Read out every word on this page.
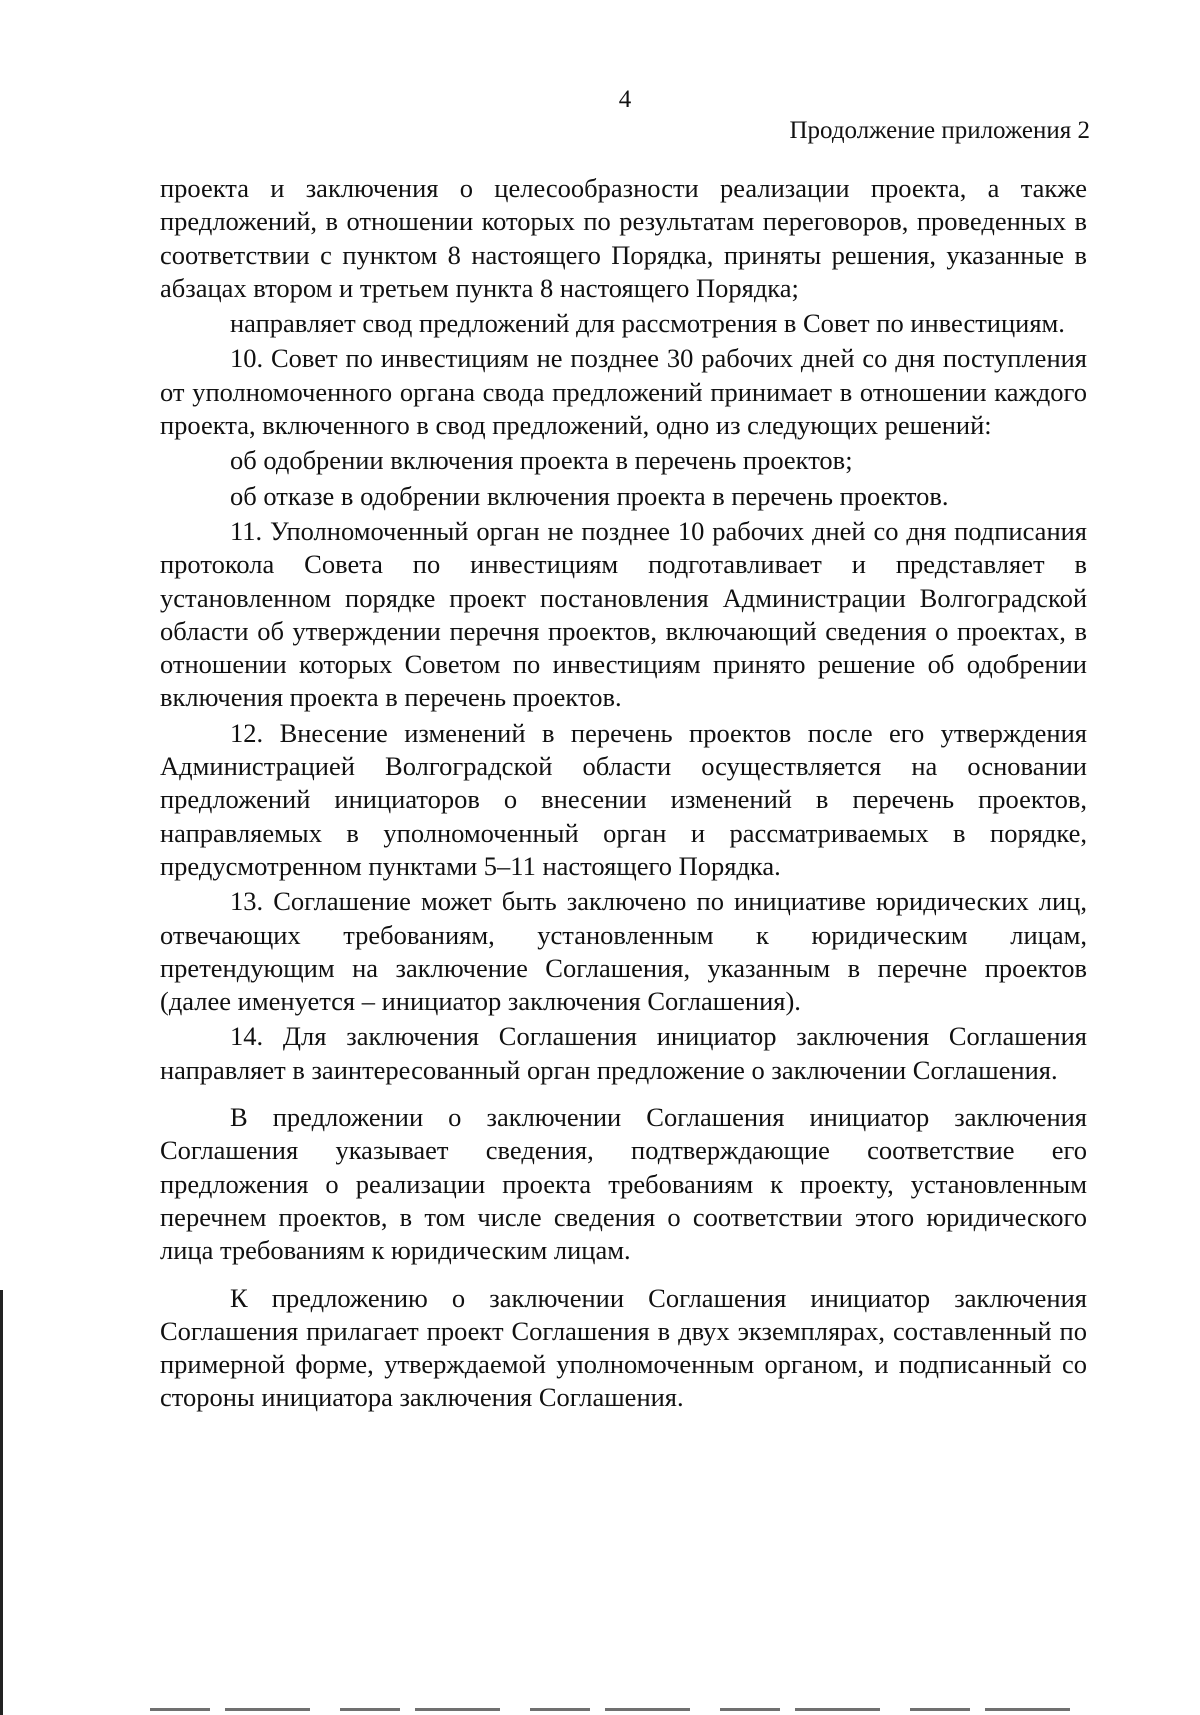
4
Продолжение приложения 2

проекта и заключения о целесообразности реализации проекта, а также предложений, в отношении которых по результатам переговоров, проведенных в соответствии с пунктом 8 настоящего Порядка, приняты решения, указанные в абзацах втором и третьем пункта 8 настоящего Порядка;

направляет свод предложений для рассмотрения в Совет по инвестициям.

10. Совет по инвестициям не позднее 30 рабочих дней со дня поступления от уполномоченного органа свода предложений принимает в отношении каждого проекта, включенного в свод предложений, одно из следующих решений:

об одобрении включения проекта в перечень проектов;

об отказе в одобрении включения проекта в перечень проектов.

11. Уполномоченный орган не позднее 10 рабочих дней со дня подписания протокола Совета по инвестициям подготавливает и представляет в установленном порядке проект постановления Администрации Волгоградской области об утверждении перечня проектов, включающий сведения о проектах, в отношении которых Советом по инвестициям принято решение об одобрении включения проекта в перечень проектов.

12. Внесение изменений в перечень проектов после его утверждения Администрацией Волгоградской области осуществляется на основании предложений инициаторов о внесении изменений в перечень проектов, направляемых в уполномоченный орган и рассматриваемых в порядке, предусмотренном пунктами 5–11 настоящего Порядка.

13. Соглашение может быть заключено по инициативе юридических лиц, отвечающих требованиям, установленным к юридическим лицам, претендующим на заключение Соглашения, указанным в перечне проектов (далее именуется – инициатор заключения Соглашения).

14. Для заключения Соглашения инициатор заключения Соглашения направляет в заинтересованный орган предложение о заключении Соглашения.

В предложении о заключении Соглашения инициатор заключения Соглашения указывает сведения, подтверждающие соответствие его предложения о реализации проекта требованиям к проекту, установленным перечнем проектов, в том числе сведения о соответствии этого юридического лица требованиям к юридическим лицам.

К предложению о заключении Соглашения инициатор заключения Соглашения прилагает проект Соглашения в двух экземплярах, составленный по примерной форме, утверждаемой уполномоченным органом, и подписанный со стороны инициатора заключения Соглашения.
